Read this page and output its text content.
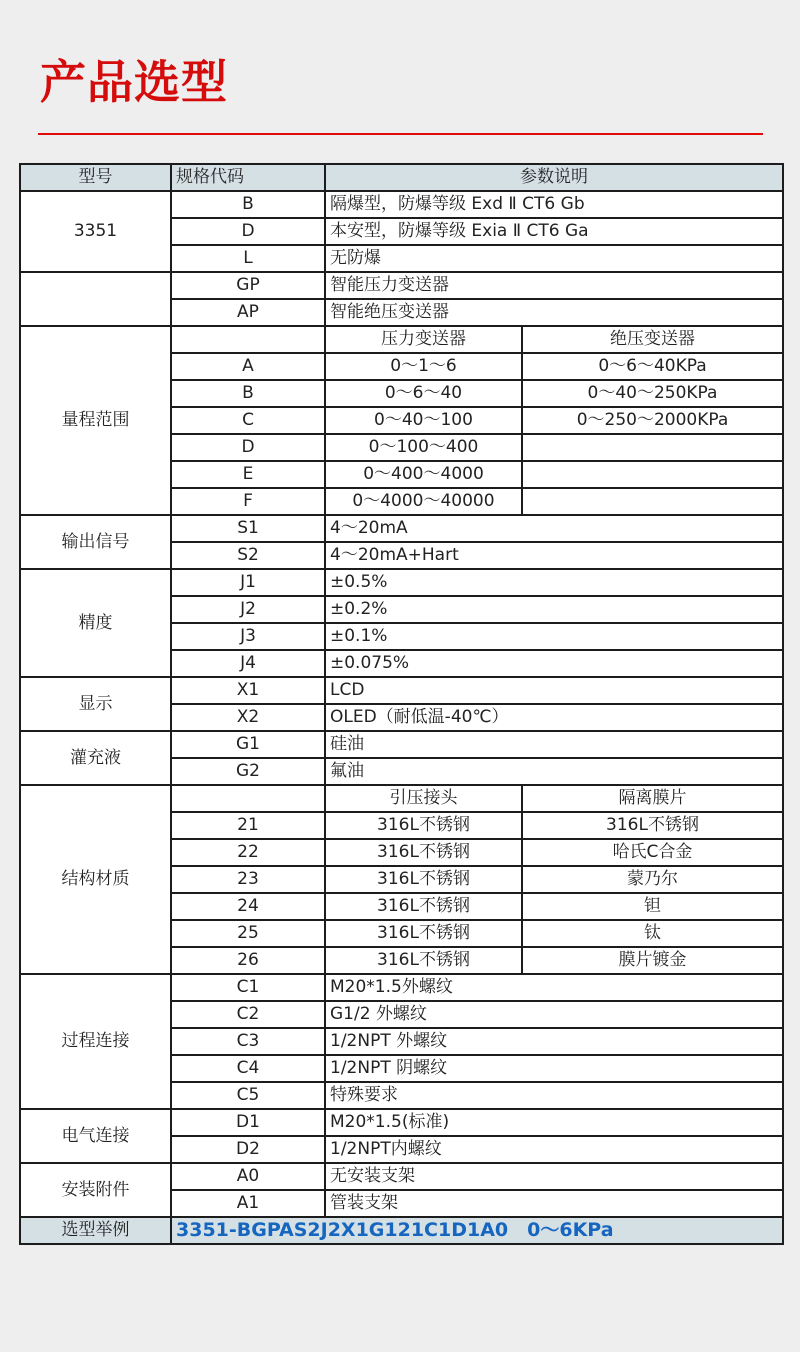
产品选型
型号	规格代码	参数说明	
3351	B	隔爆型，防爆等级 Exd Ⅱ CT6 Gb	
	D	本安型，防爆等级 Exia Ⅱ CT6 Ga	
	L	无防爆	
	GP	智能压力变送器	
	AP	智能绝压变送器	
量程范围		压力变送器	绝压变送器
	A	0～1～6	0～6～40KPa
	B	0～6～40	0～40～250KPa
	C	0～40～100	0～250～2000KPa
	D	0～100～400	
	E	0～400～4000	
	F	0～4000～40000	
输出信号	S1	4～20mA	
	S2	4～20mA+Hart	
精度	J1	±0.5%	
	J2	±0.2%	
	J3	±0.1%	
	J4	±0.075%	
显示	X1	LCD	
	X2	OLED（耐低温-40℃）	
灌充液	G1	硅油	
	G2	氟油	
结构材质		引压接头	隔离膜片
	21	316L不锈钢	316L不锈钢
	22	316L不锈钢	哈氏C合金
	23	316L不锈钢	蒙乃尔
	24	316L不锈钢	钽
	25	316L不锈钢	钛
	26	316L不锈钢	膜片镀金
过程连接	C1	M20*1.5外螺纹	
	C2	G1/2 外螺纹	
	C3	1/2NPT 外螺纹	
	C4	1/2NPT 阴螺纹	
	C5	特殊要求	
电气连接	D1	M20*1.5(标准)	
	D2	1/2NPT内螺纹	
安装附件	A0	无安装支架	
	A1	管装支架	
选型举例	3351-BGPAS2J2X1G121C1D1A0　0～6KPa		
